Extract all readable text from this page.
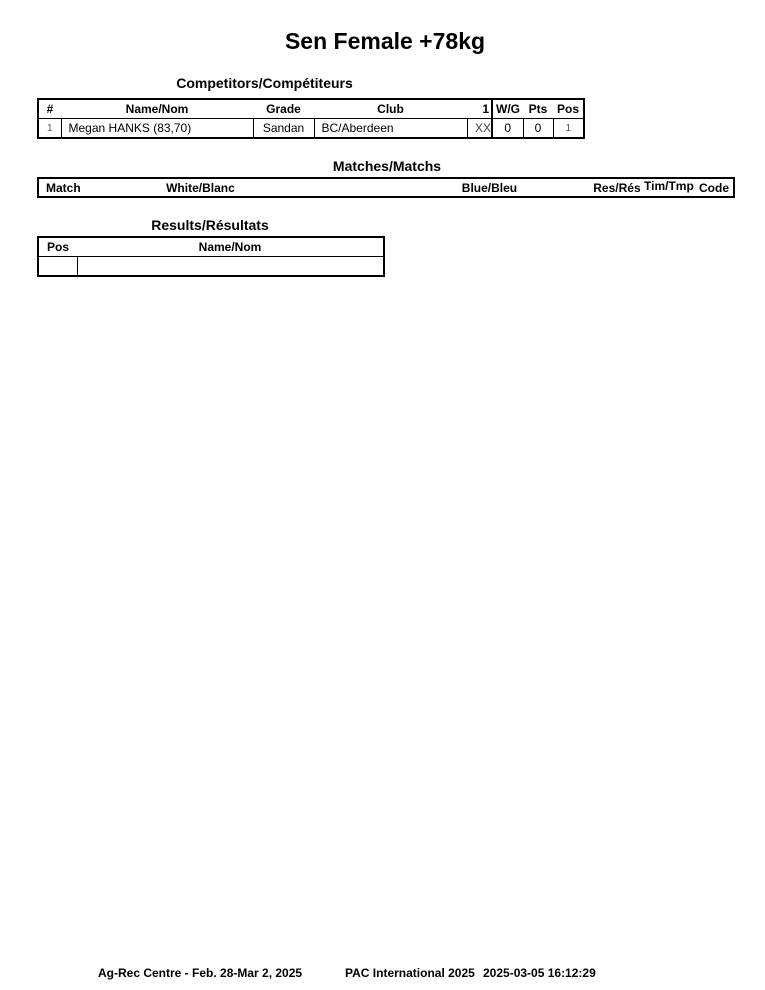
Sen Female +78kg
Competitors/Compétiteurs
#	Name/Nom	Grade	Club	1	W/G	Pts	Pos
1	Megan HANKS (83,70)	Sandan	BC/Aberdeen	XX	0	0	1
Matches/Matchs
Match	White/Blanc	Blue/Bleu	Res/Rés	Tim/Tmp	Code
Results/Résultats
Pos	Name/Nom

Ag-Rec Centre - Feb. 28-Mar 2, 2025	PAC International 2025 2025-03-05 16:12:29
